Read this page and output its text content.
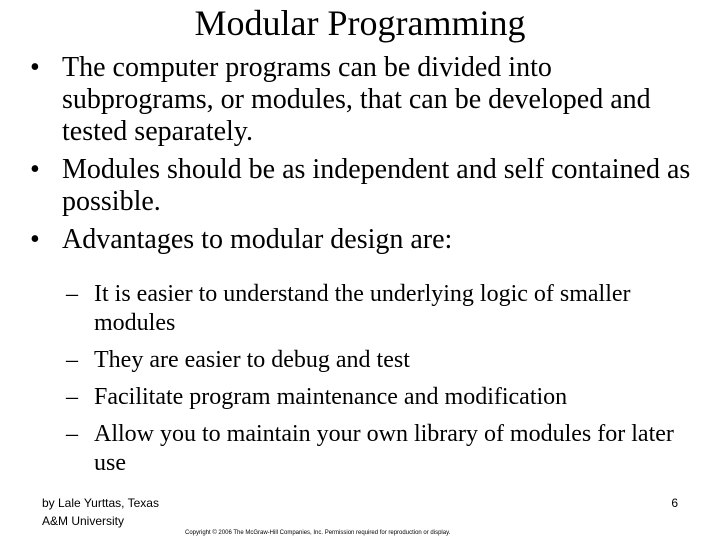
Modular Programming
• The computer programs can be divided into subprograms, or modules, that can be developed and tested separately.
• Modules should be as independent and self contained as possible.
• Advantages to modular design are:
– It is easier to understand the underlying logic of smaller modules
– They are easier to debug and test
– Facilitate program maintenance and modification
– Allow you to maintain your own library of modules for later use
by Lale Yurttas, Texas
A&M University
6
Copyright © 2006 The McGraw-Hill Companies, Inc. Permission required for reproduction or display.
